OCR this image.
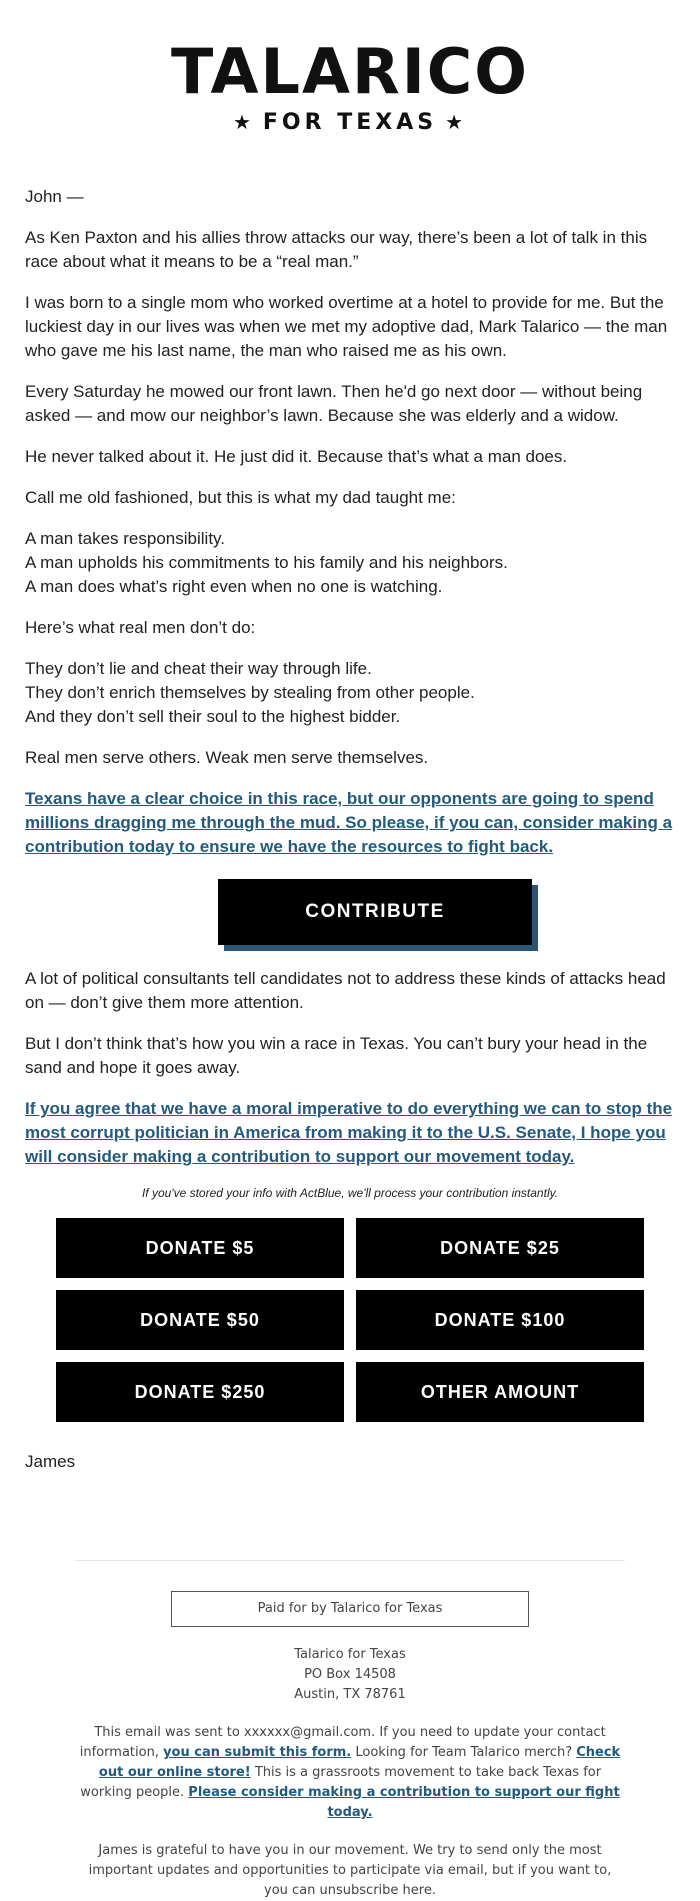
TALARICO
★ FOR TEXAS ★

John —

As Ken Paxton and his allies throw attacks our way, there’s been a lot of talk in this race about what it means to be a “real man.”

I was born to a single mom who worked overtime at a hotel to provide for me. But the luckiest day in our lives was when we met my adoptive dad, Mark Talarico — the man who gave me his last name, the man who raised me as his own.

Every Saturday he mowed our front lawn. Then he'd go next door — without being asked — and mow our neighbor’s lawn. Because she was elderly and a widow.

He never talked about it. He just did it. Because that’s what a man does.

Call me old fashioned, but this is what my dad taught me:

A man takes responsibility.
A man upholds his commitments to his family and his neighbors.
A man does what’s right even when no one is watching.

Here’s what real men don’t do:

They don’t lie and cheat their way through life.
They don’t enrich themselves by stealing from other people.
And they don’t sell their soul to the highest bidder.

Real men serve others. Weak men serve themselves.

Texans have a clear choice in this race, but our opponents are going to spend millions dragging me through the mud. So please, if you can, consider making a contribution today to ensure we have the resources to fight back.

CONTRIBUTE

A lot of political consultants tell candidates not to address these kinds of attacks head on — don’t give them more attention.

But I don’t think that’s how you win a race in Texas. You can’t bury your head in the sand and hope it goes away.

If you agree that we have a moral imperative to do everything we can to stop the most corrupt politician in America from making it to the U.S. Senate, I hope you will consider making a contribution to support our movement today.

If you've stored your info with ActBlue, we'll process your contribution instantly.
DONATE $5	DONATE $25
DONATE $50	DONATE $100
DONATE $250	OTHER AMOUNT
James
Paid for by Talarico for Texas
Talarico for Texas
PO Box 14508
Austin, TX 78761
This email was sent to xxxxxx@gmail.com. If you need to update your contact information, you can submit this form. Looking for Team Talarico merch? Check out our online store! This is a grassroots movement to take back Texas for working people. Please consider making a contribution to support our fight today.
James is grateful to have you in our movement. We try to send only the most important updates and opportunities to participate via email, but if you want to, you can unsubscribe here.
